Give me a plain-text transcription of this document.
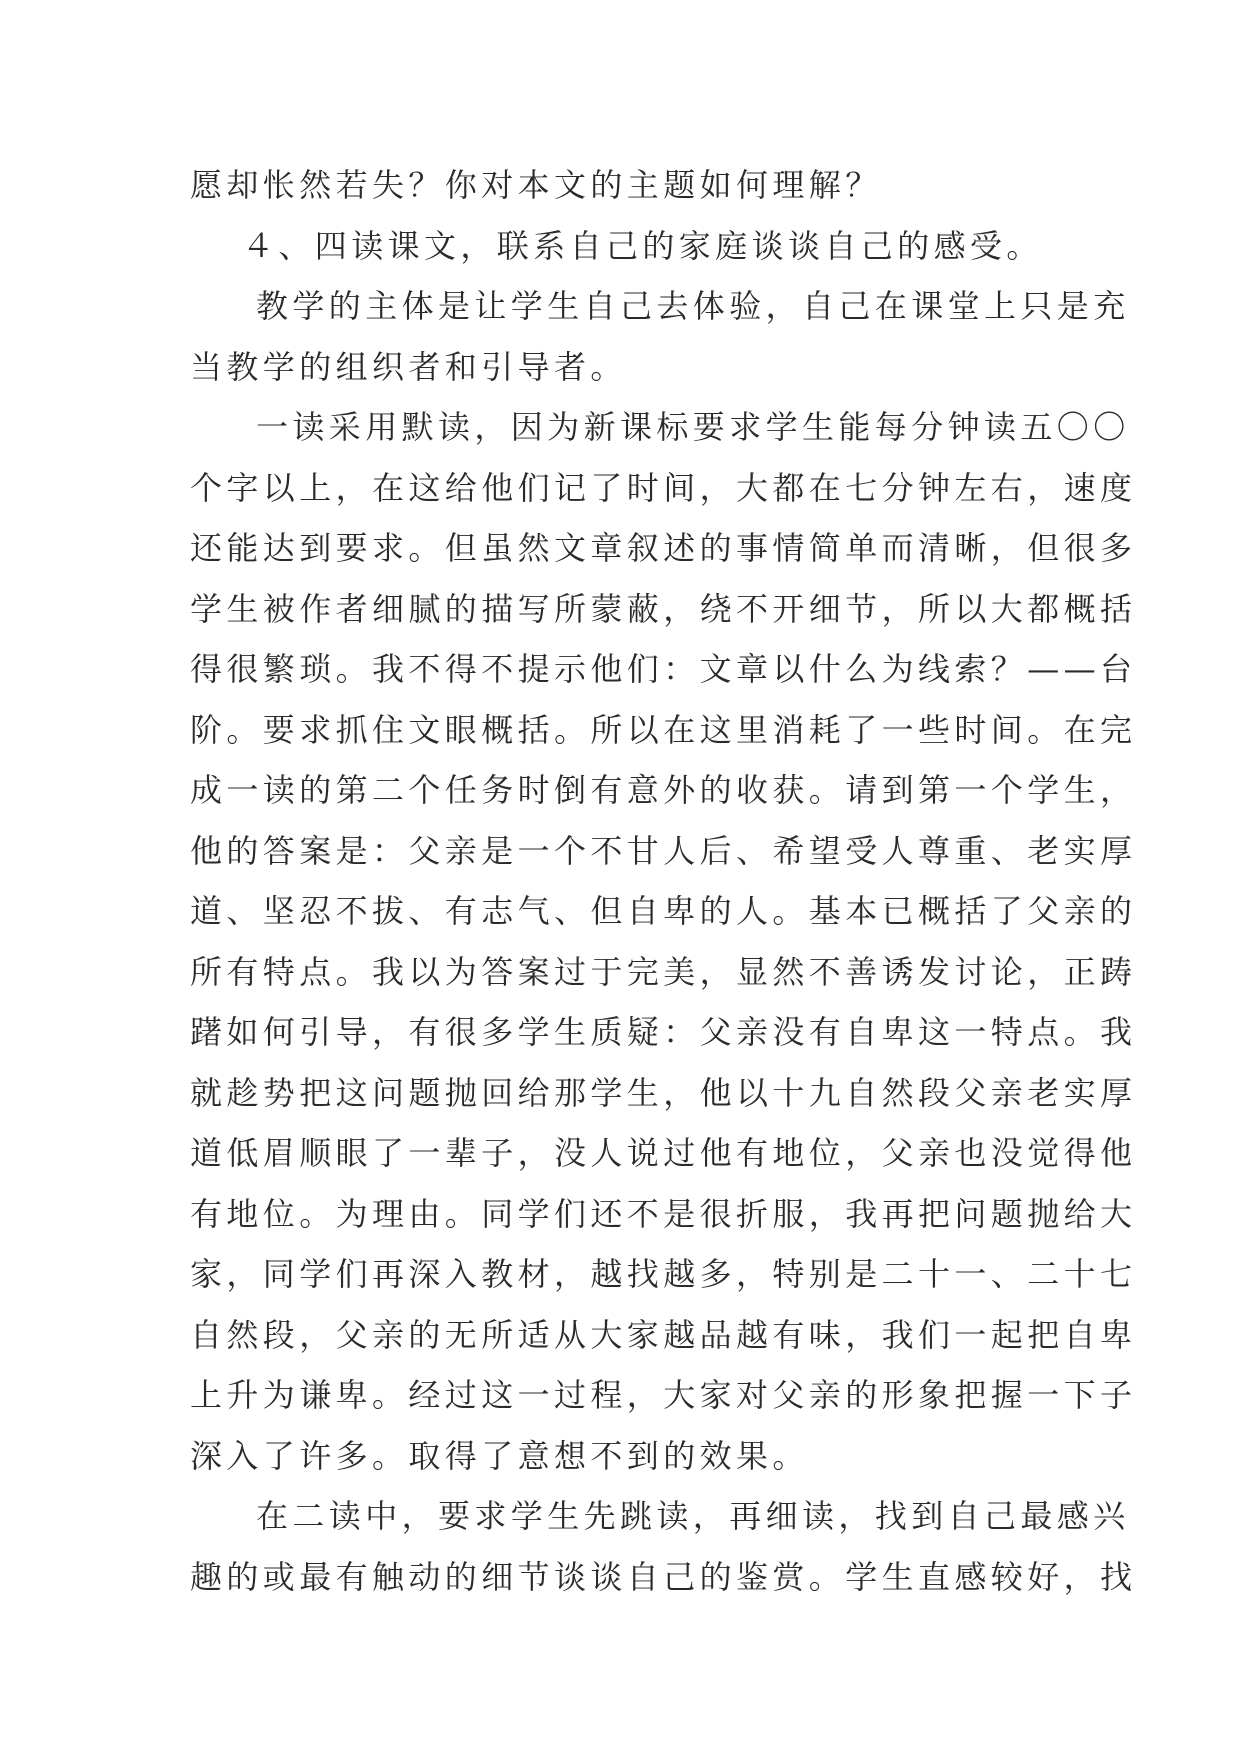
愿却怅然若失？你对本文的主题如何理解？
４、四读课文，联系自己的家庭谈谈自己的感受。
教学的主体是让学生自己去体验，自己在课堂上只是充
当教学的组织者和引导者。
一读采用默读，因为新课标要求学生能每分钟读五〇〇
个字以上，在这给他们记了时间，大都在七分钟左右，速度
还能达到要求。但虽然文章叙述的事情简单而清晰，但很多
学生被作者细腻的描写所蒙蔽，绕不开细节，所以大都概括
得很繁琐。我不得不提示他们：文章以什么为线索？——台
阶。要求抓住文眼概括。所以在这里消耗了一些时间。在完
成一读的第二个任务时倒有意外的收获。请到第一个学生，
他的答案是：父亲是一个不甘人后、希望受人尊重、老实厚
道、坚忍不拔、有志气、但自卑的人。基本已概括了父亲的
所有特点。我以为答案过于完美，显然不善诱发讨论，正踌
躇如何引导，有很多学生质疑：父亲没有自卑这一特点。我
就趁势把这问题抛回给那学生，他以十九自然段父亲老实厚
道低眉顺眼了一辈子，没人说过他有地位，父亲也没觉得他
有地位。为理由。同学们还不是很折服，我再把问题抛给大
家，同学们再深入教材，越找越多，特别是二十一、二十七
自然段，父亲的无所适从大家越品越有味，我们一起把自卑
上升为谦卑。经过这一过程，大家对父亲的形象把握一下子
深入了许多。取得了意想不到的效果。
在二读中，要求学生先跳读，再细读，找到自己最感兴
趣的或最有触动的细节谈谈自己的鉴赏。学生直感较好，找
